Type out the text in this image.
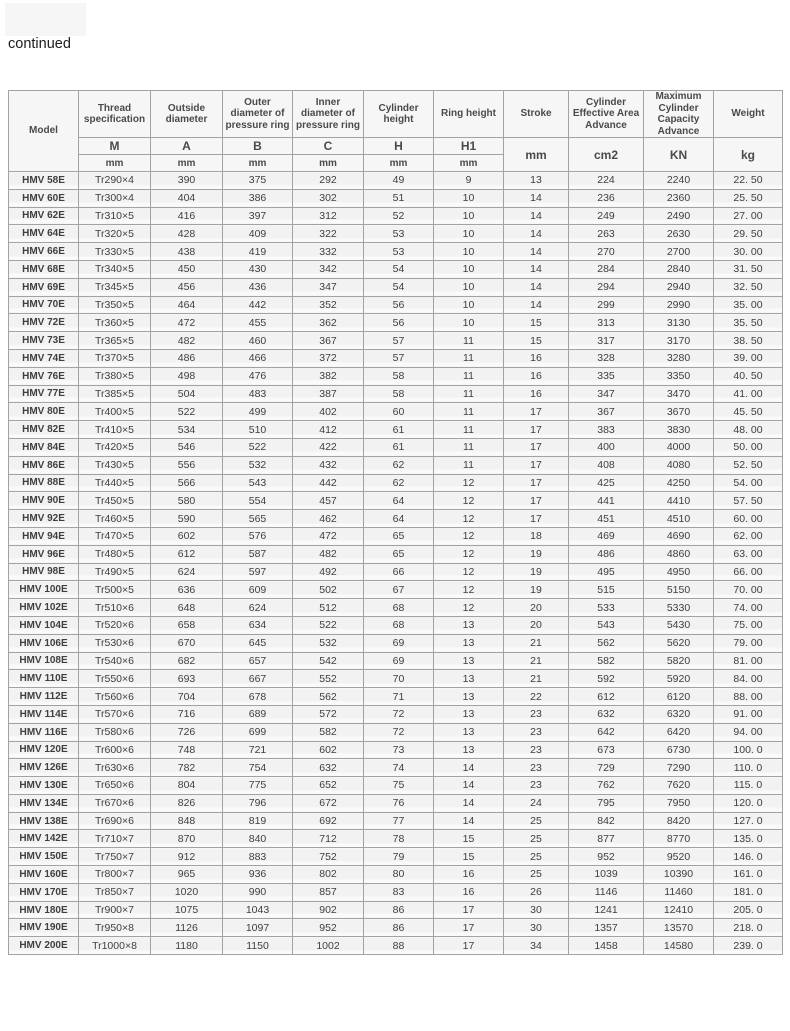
continued
Model	Thread specification	Outside diameter	Outer diameter of pressure ring	Inner diameter of pressure ring	Cylinder height	Ring height	Stroke	Cylinder Effective Area Advance	Maximum Cylinder Capacity Advance	Weight
	M	A	B	C	H	H1	mm	cm2	KN	kg
	mm	mm	mm	mm	mm	mm				
HMV 58E	Tr290×4	390	375	292	49	9	13	224	2240	22. 50
HMV 60E	Tr300×4	404	386	302	51	10	14	236	2360	25. 50
HMV 62E	Tr310×5	416	397	312	52	10	14	249	2490	27. 00
HMV 64E	Tr320×5	428	409	322	53	10	14	263	2630	29. 50
HMV 66E	Tr330×5	438	419	332	53	10	14	270	2700	30. 00
HMV 68E	Tr340×5	450	430	342	54	10	14	284	2840	31. 50
HMV 69E	Tr345×5	456	436	347	54	10	14	294	2940	32. 50
HMV 70E	Tr350×5	464	442	352	56	10	14	299	2990	35. 00
HMV 72E	Tr360×5	472	455	362	56	10	15	313	3130	35. 50
HMV 73E	Tr365×5	482	460	367	57	11	15	317	3170	38. 50
HMV 74E	Tr370×5	486	466	372	57	11	16	328	3280	39. 00
HMV 76E	Tr380×5	498	476	382	58	11	16	335	3350	40. 50
HMV 77E	Tr385×5	504	483	387	58	11	16	347	3470	41. 00
HMV 80E	Tr400×5	522	499	402	60	11	17	367	3670	45. 50
HMV 82E	Tr410×5	534	510	412	61	11	17	383	3830	48. 00
HMV 84E	Tr420×5	546	522	422	61	11	17	400	4000	50. 00
HMV 86E	Tr430×5	556	532	432	62	11	17	408	4080	52. 50
HMV 88E	Tr440×5	566	543	442	62	12	17	425	4250	54. 00
HMV 90E	Tr450×5	580	554	457	64	12	17	441	4410	57. 50
HMV 92E	Tr460×5	590	565	462	64	12	17	451	4510	60. 00
HMV 94E	Tr470×5	602	576	472	65	12	18	469	4690	62. 00
HMV 96E	Tr480×5	612	587	482	65	12	19	486	4860	63. 00
HMV 98E	Tr490×5	624	597	492	66	12	19	495	4950	66. 00
HMV 100E	Tr500×5	636	609	502	67	12	19	515	5150	70. 00
HMV 102E	Tr510×6	648	624	512	68	12	20	533	5330	74. 00
HMV 104E	Tr520×6	658	634	522	68	13	20	543	5430	75. 00
HMV 106E	Tr530×6	670	645	532	69	13	21	562	5620	79. 00
HMV 108E	Tr540×6	682	657	542	69	13	21	582	5820	81. 00
HMV 110E	Tr550×6	693	667	552	70	13	21	592	5920	84. 00
HMV 112E	Tr560×6	704	678	562	71	13	22	612	6120	88. 00
HMV 114E	Tr570×6	716	689	572	72	13	23	632	6320	91. 00
HMV 116E	Tr580×6	726	699	582	72	13	23	642	6420	94. 00
HMV 120E	Tr600×6	748	721	602	73	13	23	673	6730	100. 0
HMV 126E	Tr630×6	782	754	632	74	14	23	729	7290	110. 0
HMV 130E	Tr650×6	804	775	652	75	14	23	762	7620	115. 0
HMV 134E	Tr670×6	826	796	672	76	14	24	795	7950	120. 0
HMV 138E	Tr690×6	848	819	692	77	14	25	842	8420	127. 0
HMV 142E	Tr710×7	870	840	712	78	15	25	877	8770	135. 0
HMV 150E	Tr750×7	912	883	752	79	15	25	952	9520	146. 0
HMV 160E	Tr800×7	965	936	802	80	16	25	1039	10390	161. 0
HMV 170E	Tr850×7	1020	990	857	83	16	26	1146	11460	181. 0
HMV 180E	Tr900×7	1075	1043	902	86	17	30	1241	12410	205. 0
HMV 190E	Tr950×8	1126	1097	952	86	17	30	1357	13570	218. 0
HMV 200E	Tr1000×8	1180	1150	1002	88	17	34	1458	14580	239. 0
